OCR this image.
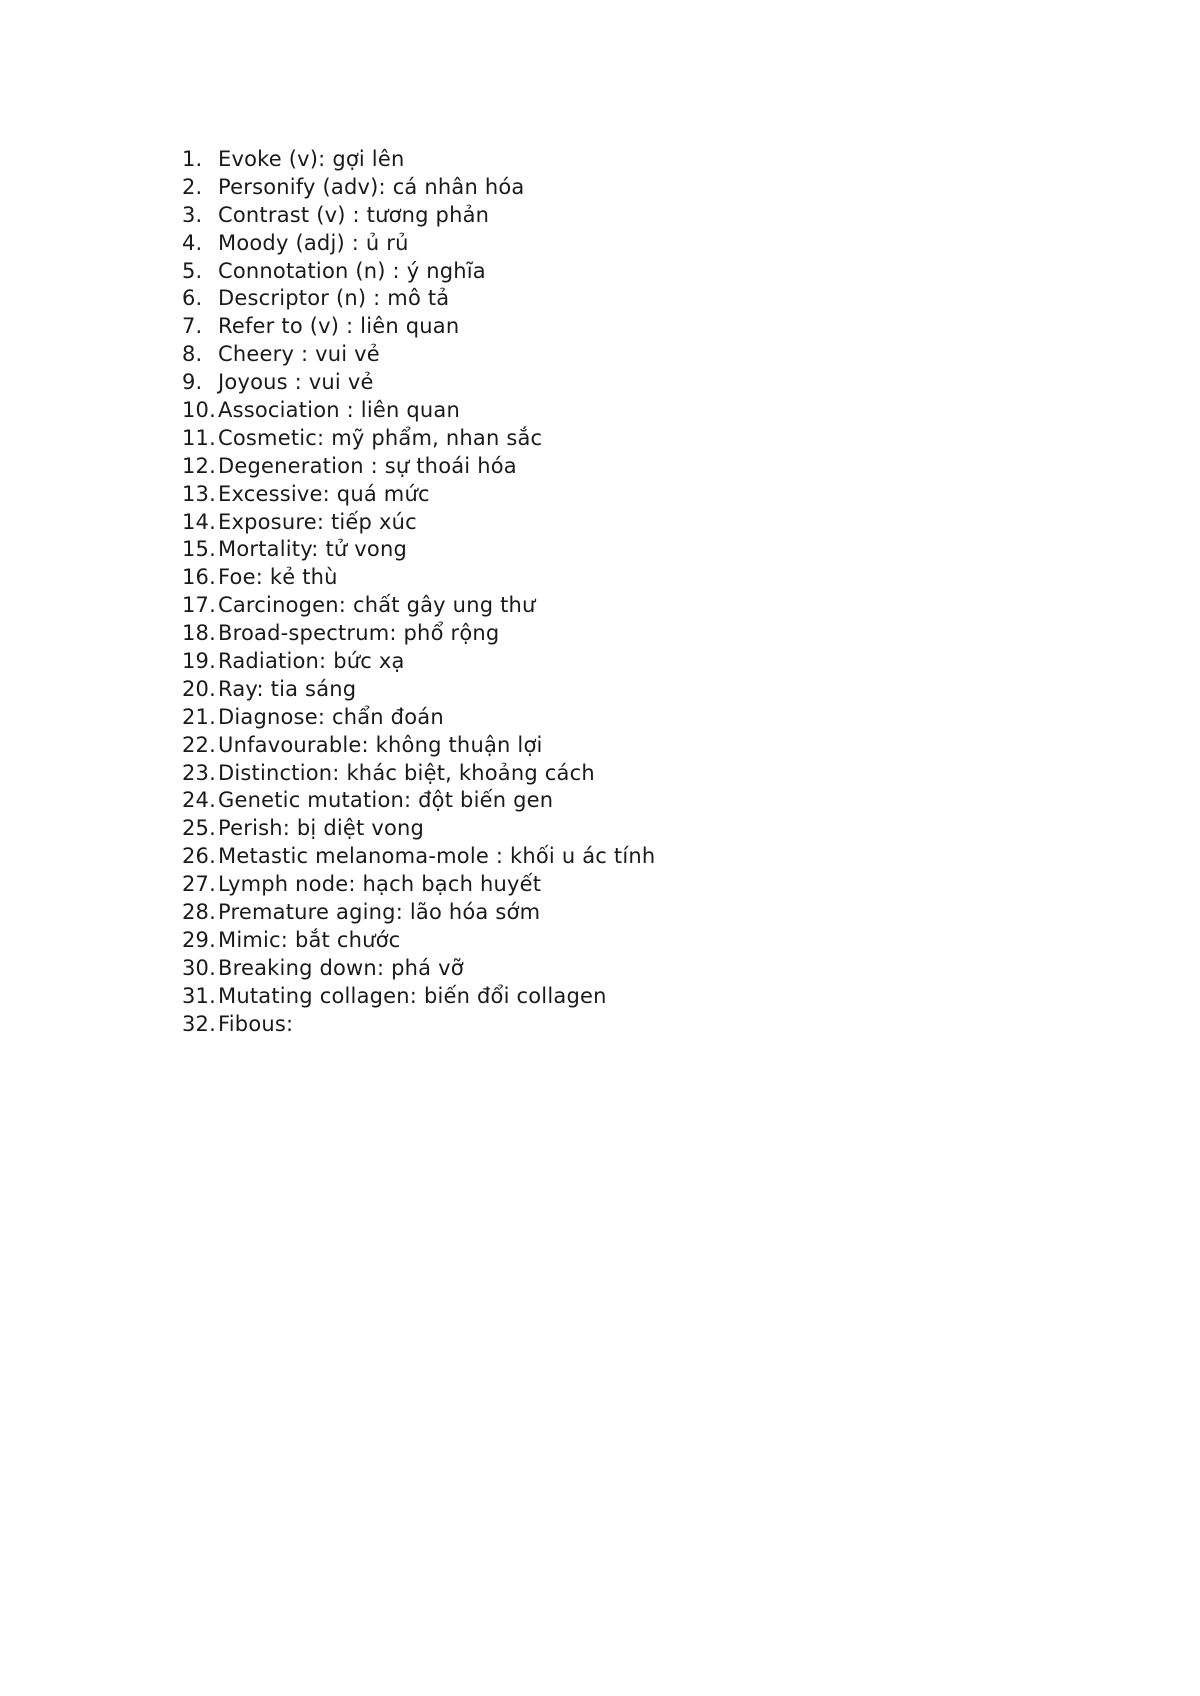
1. Evoke (v): gợi lên
2. Personify (adv): cá nhân hóa
3. Contrast (v) : tương phản
4. Moody (adj) : ủ rủ
5. Connotation (n) : ý nghĩa
6. Descriptor (n) : mô tả
7. Refer to (v) : liên quan
8. Cheery : vui vẻ
9. Joyous : vui vẻ
10. Association : liên quan
11. Cosmetic: mỹ phẩm, nhan sắc
12. Degeneration : sự thoái hóa
13. Excessive: quá mức
14. Exposure: tiếp xúc
15. Mortality: tử vong
16. Foe: kẻ thù
17. Carcinogen: chất gây ung thư
18. Broad-spectrum: phổ rộng
19. Radiation: bức xạ
20. Ray: tia sáng
21. Diagnose: chẩn đoán
22. Unfavourable: không thuận lợi
23. Distinction: khác biệt, khoảng cách
24. Genetic mutation: đột biến gen
25. Perish: bị diệt vong
26. Metastic melanoma-mole : khối u ác tính
27. Lymph node: hạch bạch huyết
28. Premature aging: lão hóa sớm
29. Mimic: bắt chước
30. Breaking down: phá vỡ
31. Mutating collagen: biến đổi collagen
32. Fibous:
